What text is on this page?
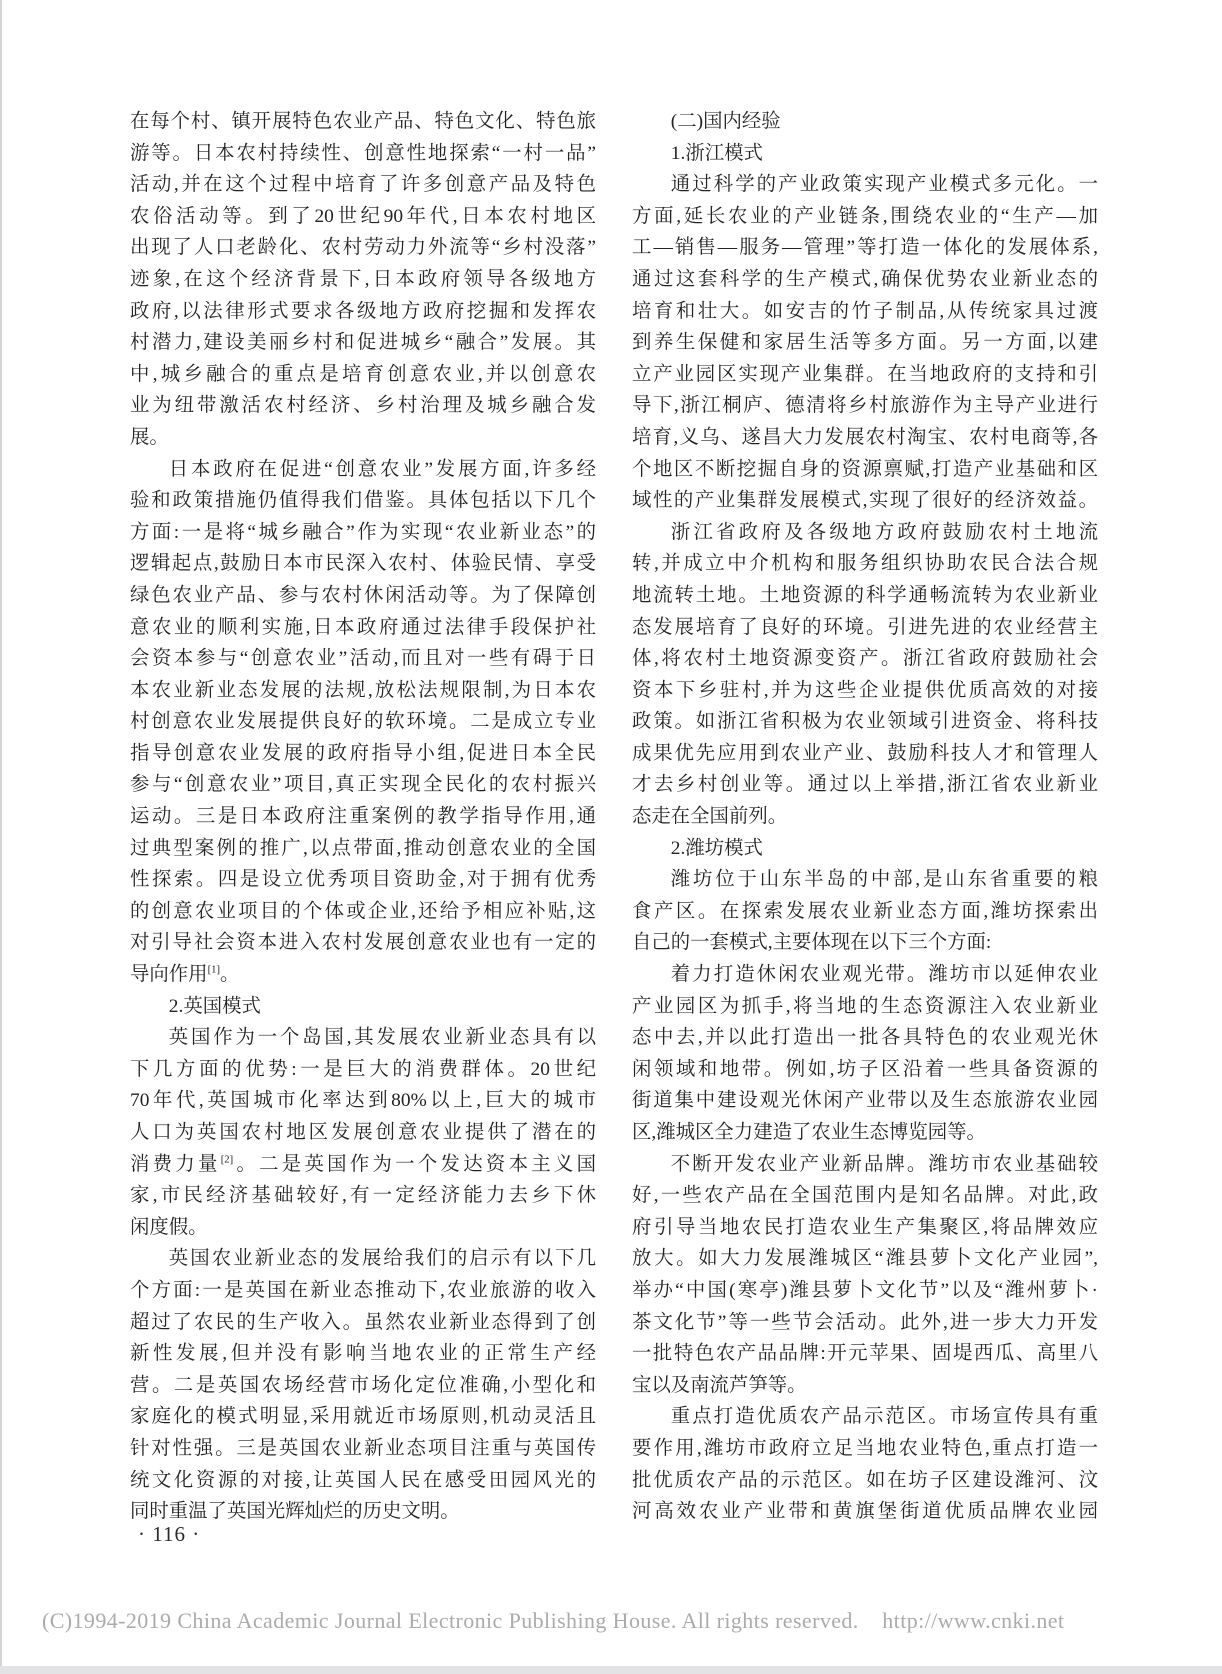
在每个村、镇开展特色农业产品、特色文化、特色旅
游等。日本农村持续性、创意性地探索“一村一品”
活动,并在这个过程中培育了许多创意产品及特色
农俗活动等。到了20世纪90年代,日本农村地区
出现了人口老龄化、农村劳动力外流等“乡村没落”
迹象,在这个经济背景下,日本政府领导各级地方
政府,以法律形式要求各级地方政府挖掘和发挥农
村潜力,建设美丽乡村和促进城乡“融合”发展。其
中,城乡融合的重点是培育创意农业,并以创意农
业为纽带激活农村经济、乡村治理及城乡融合发
展。
日本政府在促进“创意农业”发展方面,许多经
验和政策措施仍值得我们借鉴。具体包括以下几个
方面:一是将“城乡融合”作为实现“农业新业态”的
逻辑起点,鼓励日本市民深入农村、体验民情、享受
绿色农业产品、参与农村休闲活动等。为了保障创
意农业的顺利实施,日本政府通过法律手段保护社
会资本参与“创意农业”活动,而且对一些有碍于日
本农业新业态发展的法规,放松法规限制,为日本农
村创意农业发展提供良好的软环境。二是成立专业
指导创意农业发展的政府指导小组,促进日本全民
参与“创意农业”项目,真正实现全民化的农村振兴
运动。三是日本政府注重案例的教学指导作用,通
过典型案例的推广,以点带面,推动创意农业的全国
性探索。四是设立优秀项目资助金,对于拥有优秀
的创意农业项目的个体或企业,还给予相应补贴,这
对引导社会资本进入农村发展创意农业也有一定的
导向作用[1]。
2.英国模式
英国作为一个岛国,其发展农业新业态具有以
下几方面的优势:一是巨大的消费群体。20世纪
70年代,英国城市化率达到80%以上,巨大的城市
人口为英国农村地区发展创意农业提供了潜在的
消费力量[2]。二是英国作为一个发达资本主义国
家,市民经济基础较好,有一定经济能力去乡下休
闲度假。
英国农业新业态的发展给我们的启示有以下几
个方面:一是英国在新业态推动下,农业旅游的收入
超过了农民的生产收入。虽然农业新业态得到了创
新性发展,但并没有影响当地农业的正常生产经
营。二是英国农场经营市场化定位准确,小型化和
家庭化的模式明显,采用就近市场原则,机动灵活且
针对性强。三是英国农业新业态项目注重与英国传
统文化资源的对接,让英国人民在感受田园风光的
同时重温了英国光辉灿烂的历史文明。
(二)国内经验
1.浙江模式
通过科学的产业政策实现产业模式多元化。一
方面,延长农业的产业链条,围绕农业的“生产—加
工—销售—服务—管理”等打造一体化的发展体系,
通过这套科学的生产模式,确保优势农业新业态的
培育和壮大。如安吉的竹子制品,从传统家具过渡
到养生保健和家居生活等多方面。另一方面,以建
立产业园区实现产业集群。在当地政府的支持和引
导下,浙江桐庐、德清将乡村旅游作为主导产业进行
培育,义乌、遂昌大力发展农村淘宝、农村电商等,各
个地区不断挖掘自身的资源禀赋,打造产业基础和区
域性的产业集群发展模式,实现了很好的经济效益。
浙江省政府及各级地方政府鼓励农村土地流
转,并成立中介机构和服务组织协助农民合法合规
地流转土地。土地资源的科学通畅流转为农业新业
态发展培育了良好的环境。引进先进的农业经营主
体,将农村土地资源变资产。浙江省政府鼓励社会
资本下乡驻村,并为这些企业提供优质高效的对接
政策。如浙江省积极为农业领域引进资金、将科技
成果优先应用到农业产业、鼓励科技人才和管理人
才去乡村创业等。通过以上举措,浙江省农业新业
态走在全国前列。
2.潍坊模式
潍坊位于山东半岛的中部,是山东省重要的粮
食产区。在探索发展农业新业态方面,潍坊探索出
自己的一套模式,主要体现在以下三个方面:
着力打造休闲农业观光带。潍坊市以延伸农业
产业园区为抓手,将当地的生态资源注入农业新业
态中去,并以此打造出一批各具特色的农业观光休
闲领域和地带。例如,坊子区沿着一些具备资源的
街道集中建设观光休闲产业带以及生态旅游农业园
区,潍城区全力建造了农业生态博览园等。
不断开发农业产业新品牌。潍坊市农业基础较
好,一些农产品在全国范围内是知名品牌。对此,政
府引导当地农民打造农业生产集聚区,将品牌效应
放大。如大力发展潍城区“潍县萝卜文化产业园”,
举办“中国(寒亭)潍县萝卜文化节”以及“潍州萝卜·
茶文化节”等一些节会活动。此外,进一步大力开发
一批特色农产品品牌:开元苹果、固堤西瓜、高里八
宝以及南流芦笋等。
重点打造优质农产品示范区。市场宣传具有重
要作用,潍坊市政府立足当地农业特色,重点打造一
批优质农产品的示范区。如在坊子区建设潍河、汶
河高效农业产业带和黄旗堡街道优质品牌农业园
· 116 ·
(C)1994-2019 China Academic Journal Electronic Publishing House. All rights reserved.    http://www.cnki.net
